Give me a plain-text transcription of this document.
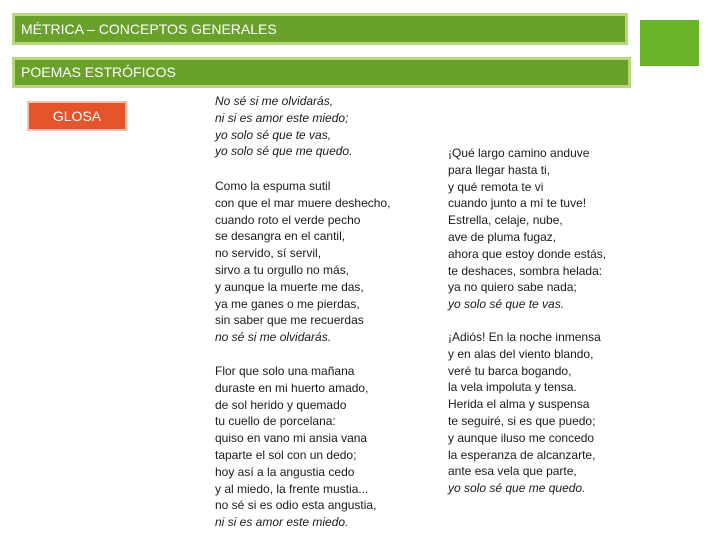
MÉTRICA – CONCEPTOS GENERALES
POEMAS ESTRÓFICOS
GLOSA
No sé si me olvidarás,
ni si es amor este miedo;
yo solo sé que te vas,
yo solo sé que me quedo.
Como la espuma sutil
con que el mar muere deshecho,
cuando roto el verde pecho
se desangra en el cantil,
no servido, sí servil,
sirvo a tu orgullo no más,
y aunque la muerte me das,
ya me ganes o me pierdas,
sin saber que me recuerdas
no sé si me olvidarás.
Flor que solo una mañana
duraste en mi huerto amado,
de sol herido y quemado
tu cuello de porcelana:
quiso en vano mi ansia vana
taparte el sol con un dedo;
hoy así a la angustia cedo
y al miedo, la frente mustia...
no sé si es odio esta angustia,
ni si es amor este miedo.
¡Qué largo camino anduve
para llegar hasta ti,
y qué remota te vi
cuando junto a mí te tuve!
Estrella, celaje, nube,
ave de pluma fugaz,
ahora que estoy donde estás,
te deshaces, sombra helada:
ya no quiero sabe nada;
yo solo sé que te vas.
¡Adiós! En la noche inmensa
y en alas del viento blando,
veré tu barca bogando,
la vela impoluta y tensa.
Herida el alma y suspensa
te seguiré, si es que puedo;
y aunque iluso me concedo
la esperanza de alcanzarte,
ante esa vela que parte,
yo solo sé que me quedo.
